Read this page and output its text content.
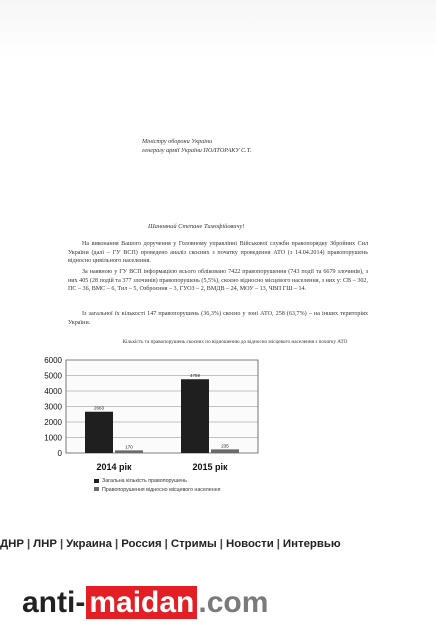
Міністру оборони України
генералу армії України ПОЛТОРАКУ С.Т.
Шановний Степане Тимофійовичу!
На виконання Вашого доручення у Головному управлінні Військової служби правопорядку Збройних Сил України (далі – ГУ ВСП) проведено аналіз скоєних з початку проведення АТО (з 14.04.2014) правопорушень відносно цивільного населення.
За наявною у ГУ ВСП інформацією всього обліковано 7422 правопорушення (743 події та 6679 злочинів), з них 405 (28 подій та 377 злочинів) правопорушень (5,5%), скоєно відносно місцевого населення, з них у: СВ – 302, ПС – 36, ВМС – 6, Тил – 5, Озброєння – 3, ГУОЗ – 2, ВМДВ – 24, МОУ – 13, ЧВП ГШ – 14.
Із загальної їх кількості 147 правопорушень (36,3%) скоєно у зоні АТО, 258 (63,7%) – на інших територіях України.
Кількість та правопорушень скоєних по відношенню до відносно місцевого населення з початку АТО
0
1000
2000
3000
4000
5000
6000
2663
170
2014 рік
4759
235
2015 рік
Загальна кількість правопорушень
Правопорушення відносно місцевого населення
ДНР | ЛНР | Украина | Россия | Стримы | Новости | Интервью
anti- maidan .com
